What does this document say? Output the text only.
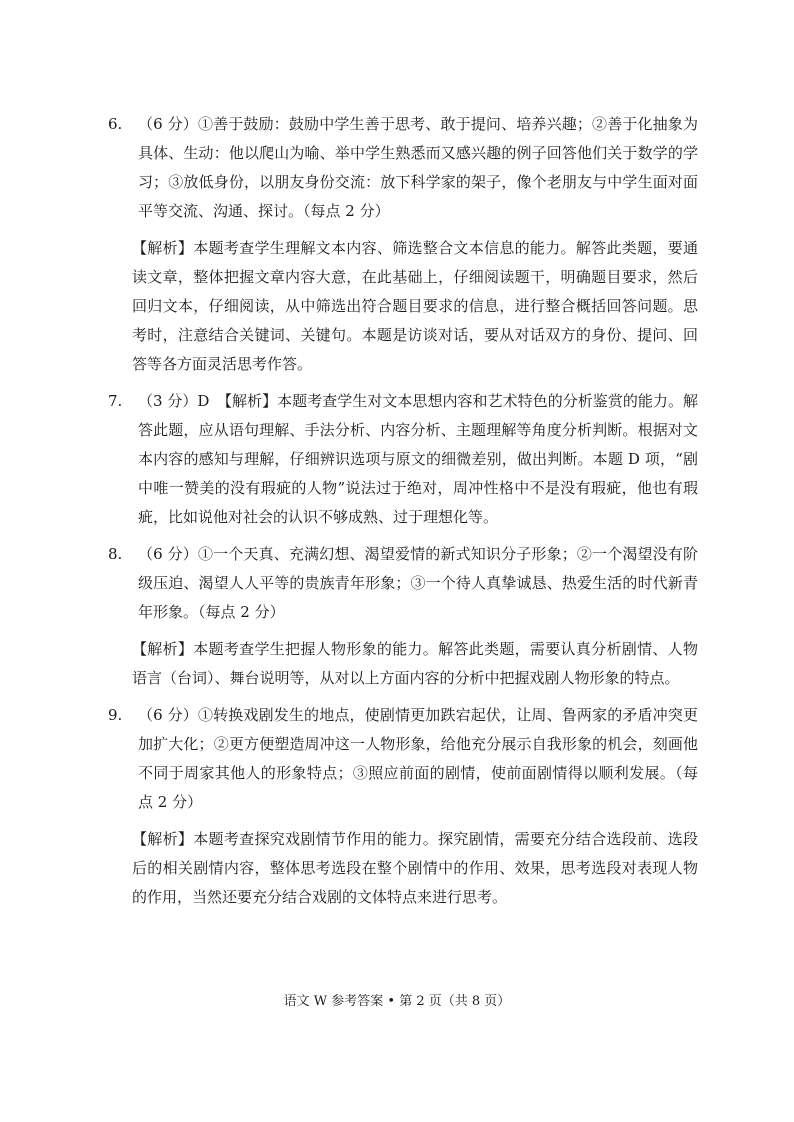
6.	（6 分）①善于鼓励：鼓励中学生善于思考、敢于提问、培养兴趣；②善于化抽象为具体、生动：他以爬山为喻、举中学生熟悉而又感兴趣的例子回答他们关于数学的学习；③放低身份，以朋友身份交流：放下科学家的架子，像个老朋友与中学生面对面平等交流、沟通、探讨。（每点 2 分）
【解析】本题考查学生理解文本内容、筛选整合文本信息的能力。解答此类题，要通读文章，整体把握文章内容大意，在此基础上，仔细阅读题干，明确题目要求，然后回归文本，仔细阅读，从中筛选出符合题目要求的信息，进行整合概括回答问题。思考时，注意结合关键词、关键句。本题是访谈对话，要从对话双方的身份、提问、回答等各方面灵活思考作答。
7.	（3 分）D　【解析】本题考查学生对文本思想内容和艺术特色的分析鉴赏的能力。解答此题，应从语句理解、手法分析、内容分析、主题理解等角度分析判断。根据对文本内容的感知与理解，仔细辨识选项与原文的细微差别，做出判断。本题 D 项，“剧中唯一赞美的没有瑕疵的人物”说法过于绝对，周冲性格中不是没有瑕疵，他也有瑕疵，比如说他对社会的认识不够成熟、过于理想化等。
8.	（6 分）①一个天真、充满幻想、渴望爱情的新式知识分子形象；②一个渴望没有阶级压迫、渴望人人平等的贵族青年形象；③一个待人真挚诚恳、热爱生活的时代新青年形象。（每点 2 分）
【解析】本题考查学生把握人物形象的能力。解答此类题，需要认真分析剧情、人物语言（台词）、舞台说明等，从对以上方面内容的分析中把握戏剧人物形象的特点。
9.	（6 分）①转换戏剧发生的地点，使剧情更加跌宕起伏，让周、鲁两家的矛盾冲突更加扩大化；②更方便塑造周冲这一人物形象，给他充分展示自我形象的机会，刻画他不同于周家其他人的形象特点；③照应前面的剧情，使前面剧情得以顺利发展。（每点 2 分）
【解析】本题考查探究戏剧情节作用的能力。探究剧情，需要充分结合选段前、选段后的相关剧情内容，整体思考选段在整个剧情中的作用、效果，思考选段对表现人物的作用，当然还要充分结合戏剧的文体特点来进行思考。
语文 W 参考答案 • 第 2 页（共 8 页）
